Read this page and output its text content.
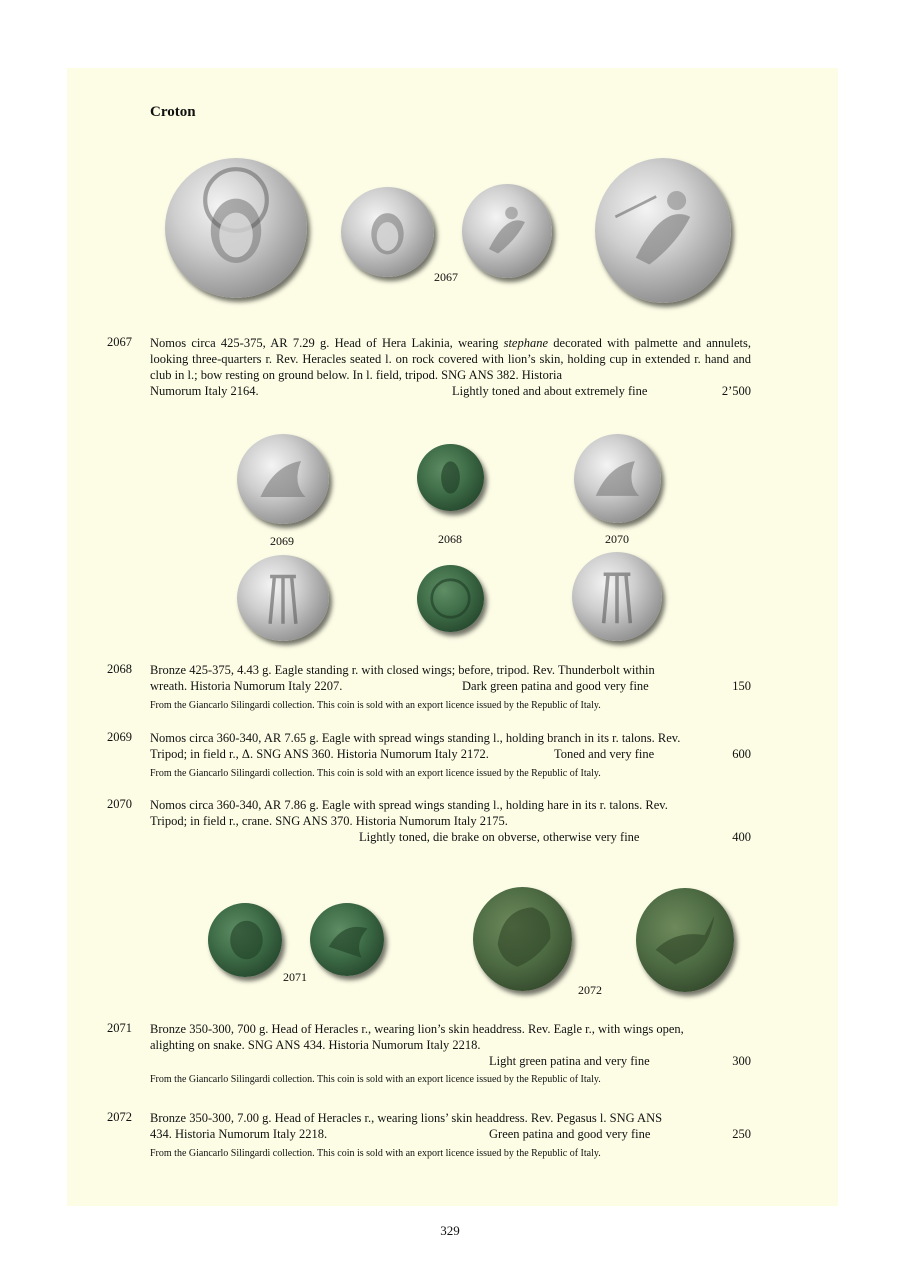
Croton
2067
2067 Nomos circa 425-375, AR 7.29 g. Head of Hera Lakinia, wearing stephane decorated with palmette and annulets, looking three-quarters r. Rev. Heracles seated l. on rock covered with lion’s skin, holding cup in extended r. hand and club in l.; bow resting on ground below. In l. field, tripod. SNG ANS 382. Historia
Numorum Italy 2164.	Lightly toned and about extremely fine	2’500
2069	2068	2070
2068 Bronze 425-375, 4.43 g. Eagle standing r. with closed wings; before, tripod. Rev. Thunderbolt within
wreath. Historia Numorum Italy 2207.	Dark green patina and good very fine	150
From the Giancarlo Silingardi collection. This coin is sold with an export licence issued by the Republic of Italy.
2069 Nomos circa 360-340, AR 7.65 g. Eagle with spread wings standing l., holding branch in its r. talons. Rev.
Tripod; in field r., Δ. SNG ANS 360. Historia Numorum Italy 2172.	Toned and very fine	600
From the Giancarlo Silingardi collection. This coin is sold with an export licence issued by the Republic of Italy.
2070 Nomos circa 360-340, AR 7.86 g. Eagle with spread wings standing l., holding hare in its r. talons. Rev.
Tripod; in field r., crane. SNG ANS 370. Historia Numorum Italy 2175.
Lightly toned, die brake on obverse, otherwise very fine	400
2071
2072
2071 Bronze 350-300, 700 g. Head of Heracles r., wearing lion’s skin headdress. Rev. Eagle r., with wings open,
alighting on snake. SNG ANS 434. Historia Numorum Italy 2218.
Light green patina and very fine	300
From the Giancarlo Silingardi collection. This coin is sold with an export licence issued by the Republic of Italy.
2072 Bronze 350-300, 7.00 g. Head of Heracles r., wearing lions’ skin headdress. Rev. Pegasus l. SNG ANS
434. Historia Numorum Italy 2218.	Green patina and good very fine	250
From the Giancarlo Silingardi collection. This coin is sold with an export licence issued by the Republic of Italy.
329
